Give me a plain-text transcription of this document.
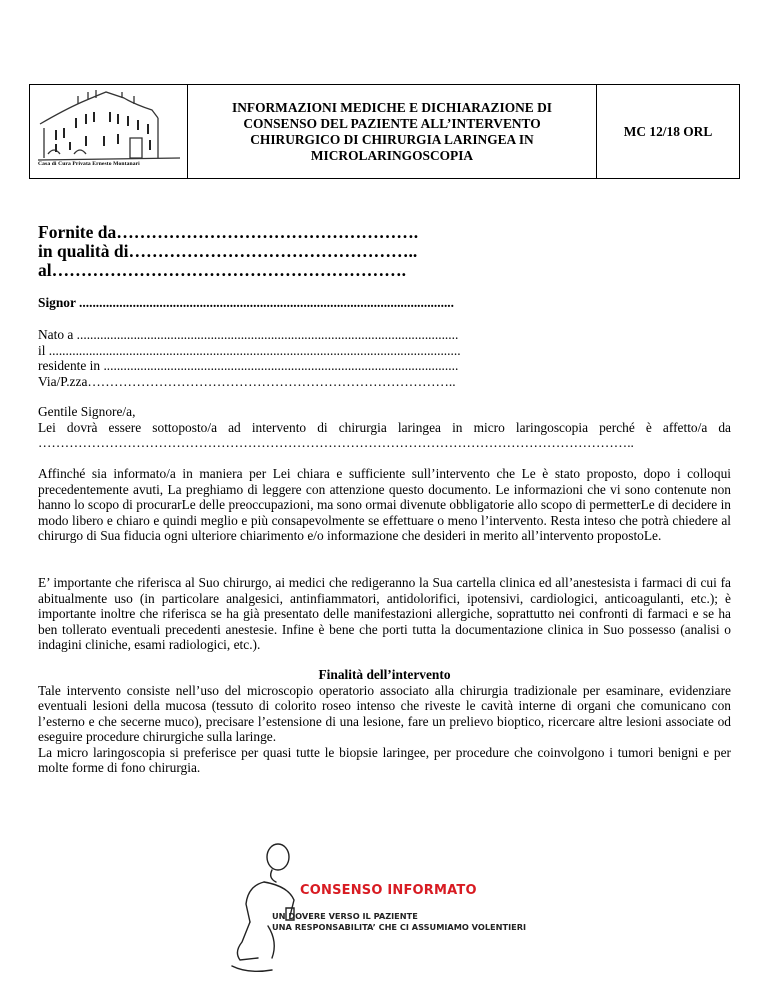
Casa di Cura Privata Ernesto Montanari

INFORMAZIONI MEDICHE E DICHIARAZIONE DI
CONSENSO DEL PAZIENTE ALL’INTERVENTO
CHIRURGICO DI CHIRURGIA LARINGEA IN
MICROLARINGOSCOPIA
	MC 12/18 ORL
Fornite da…………………………………………….
in qualità di…………………………………………..
al…………………………………………………….
Signor ................................................................................................................
Nato a ..................................................................................................................
il ...........................................................................................................................
residente in ..........................................................................................................
Via/P.zza………………………………………………………………………..
Gentile Signore/a,
Lei dovrà essere sottoposto/a ad intervento di chirurgia laringea in micro laringoscopia perché è affetto/a da
……………………………………………………………………………………………………………………..
Affinché sia informato/a in maniera per Lei chiara e sufficiente sull’intervento che Le è stato proposto, dopo i colloqui precedentemente avuti, La preghiamo di leggere con attenzione questo documento. Le informazioni che vi sono contenute non hanno lo scopo di procurarLe delle preoccupazioni, ma sono ormai divenute obbligatorie allo scopo di permetterLe di decidere in modo libero e chiaro e quindi meglio e più consapevolmente se effettuare o meno l’intervento. Resta inteso che potrà chiedere al chirurgo di Sua fiducia ogni ulteriore chiarimento e/o informazione che desideri in merito all’intervento propostoLe.
E’ importante che riferisca al Suo chirurgo, ai medici che redigeranno la Sua cartella clinica ed all’anestesista i farmaci di cui fa abitualmente uso (in particolare analgesici, antinfiammatori, antidolorifici, ipotensivi, cardiologici, anticoagulanti, etc.); è importante inoltre che riferisca se ha già presentato delle manifestazioni allergiche, soprattutto nei confronti di farmaci e se ha ben tollerato eventuali precedenti anestesie. Infine è bene che porti tutta la documentazione clinica in Suo possesso (analisi o indagini cliniche, esami radiologici, etc.).
Finalità dell’intervento
Tale intervento consiste nell’uso del microscopio operatorio associato alla chirurgia tradizionale per esaminare, evidenziare eventuali lesioni della mucosa (tessuto di colorito roseo intenso che riveste le cavità interne di organi che comunicano con l’esterno e che secerne muco), precisare l’estensione di una lesione, fare un prelievo bioptico, ricercare altre lesioni associate od eseguire procedure chirurgiche sulla laringe.
La micro laringoscopia si preferisce per quasi tutte le biopsie laringee, per procedure che coinvolgono i tumori benigni e per molte forme di fono chirurgia.
CONSENSO INFORMATO
UN DOVERE VERSO IL PAZIENTE
UNA RESPONSABILITA’ CHE CI ASSUMIAMO VOLENTIERI
